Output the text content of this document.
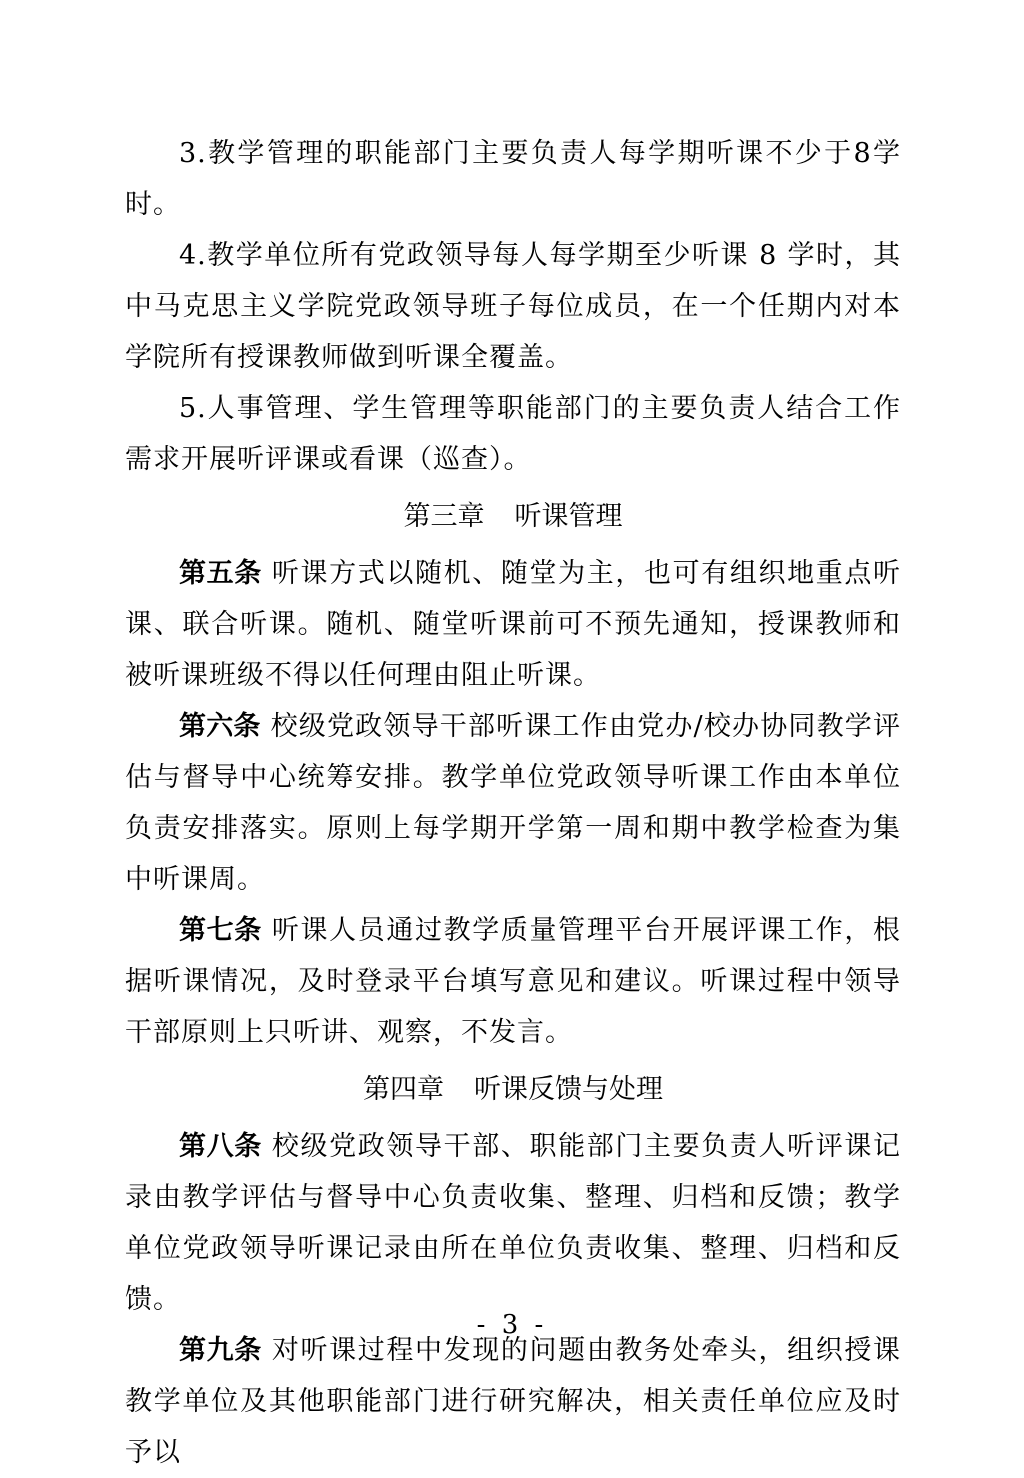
3.教学管理的职能部门主要负责人每学期听课不少于8学时。

4.教学单位所有党政领导每人每学期至少听课 8 学时，其中马克思主义学院党政领导班子每位成员，在一个任期内对本学院所有授课教师做到听课全覆盖。

5.人事管理、学生管理等职能部门的主要负责人结合工作需求开展听评课或看课（巡查）。

第三章 听课管理

第五条 听课方式以随机、随堂为主，也可有组织地重点听课、联合听课。随机、随堂听课前可不预先通知，授课教师和被听课班级不得以任何理由阻止听课。

第六条 校级党政领导干部听课工作由党办/校办协同教学评估与督导中心统筹安排。教学单位党政领导听课工作由本单位负责安排落实。原则上每学期开学第一周和期中教学检查为集中听课周。

第七条 听课人员通过教学质量管理平台开展评课工作，根据听课情况，及时登录平台填写意见和建议。听课过程中领导干部原则上只听讲、观察，不发言。

第四章 听课反馈与处理

第八条 校级党政领导干部、职能部门主要负责人听评课记录由教学评估与督导中心负责收集、整理、归档和反馈；教学单位党政领导听课记录由所在单位负责收集、整理、归档和反馈。

第九条 对听课过程中发现的问题由教务处牵头，组织授课教学单位及其他职能部门进行研究解决，相关责任单位应及时予以

- 3 -
